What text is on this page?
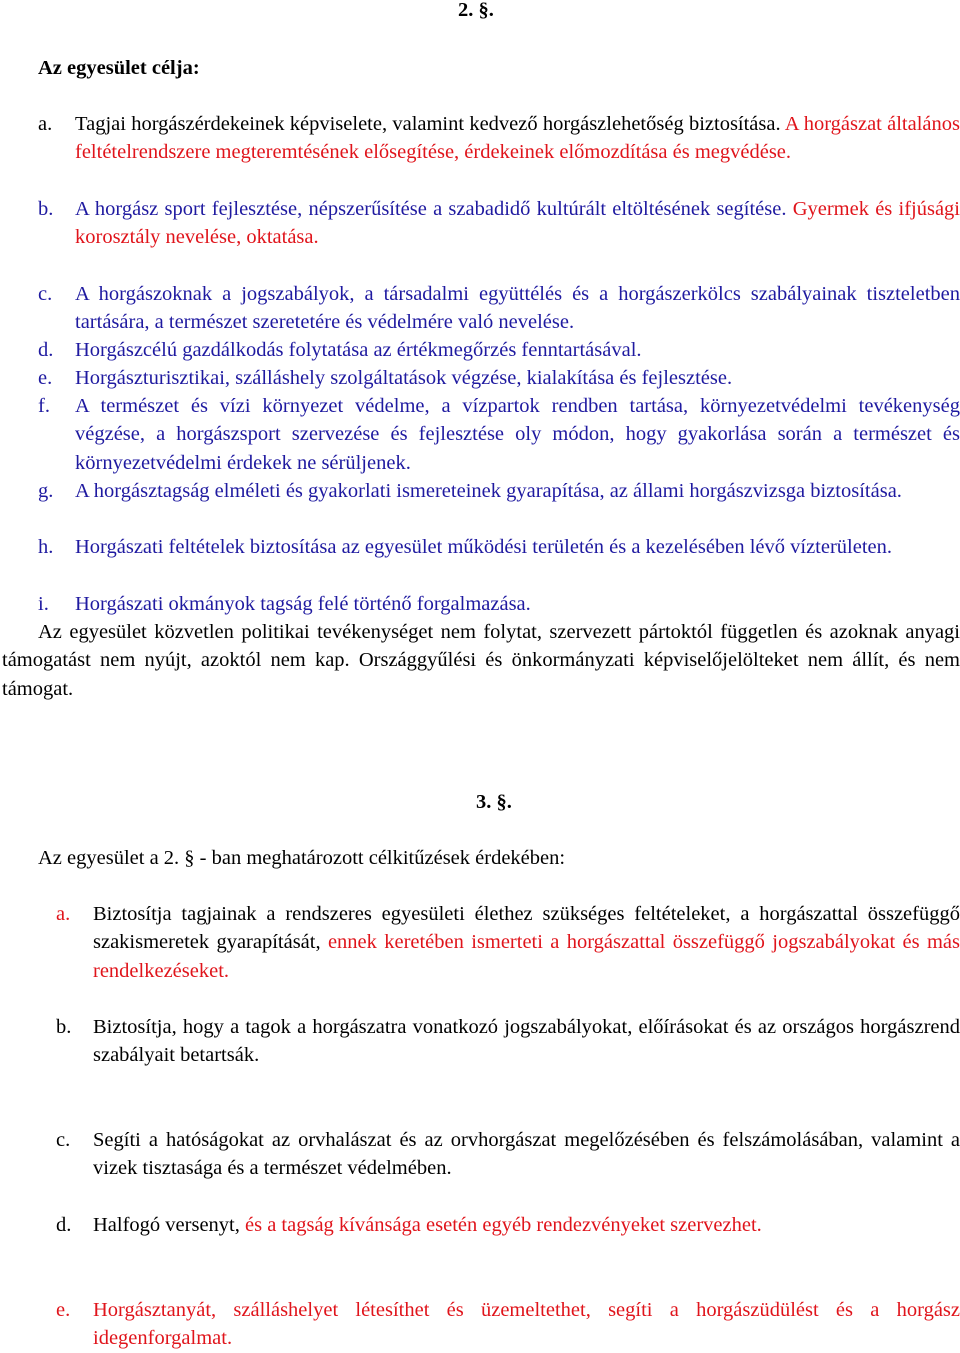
2. §.
Az egyesület célja:
a. Tagjai horgászérdekeinek képviselete, valamint kedvező horgászlehetőség biztosítása. A horgászat általános feltételrendszere megteremtésének elősegítése, érdekeinek előmozdítása és megvédése.
b. A horgász sport fejlesztése, népszerűsítése a szabadidő kultúrált eltöltésének segítése. Gyermek és ifjúsági korosztály nevelése, oktatása.
c. A horgászoknak a jogszabályok, a társadalmi együttélés és a horgászerkölcs szabályainak tiszteletben tartására, a természet szeretetére és védelmére való nevelése.
d. Horgászcélú gazdálkodás folytatása az értékmegőrzés fenntartásával.
e. Horgászturisztikai, szálláshely szolgáltatások végzése, kialakítása és fejlesztése.
f. A természet és vízi környezet védelme, a vízpartok rendben tartása, környezetvédelmi tevékenység végzése, a horgászsport szervezése és fejlesztése oly módon, hogy gyakorlása során a természet és környezetvédelmi érdekek ne sérüljenek.
g. A horgásztagság elméleti és gyakorlati ismereteinek gyarapítása, az állami horgászvizsga biztosítása.
h. Horgászati feltételek biztosítása az egyesület működési területén és a kezelésében lévő vízterületen.
i. Horgászati okmányok tagság felé történő forgalmazása.
Az egyesület közvetlen politikai tevékenységet nem folytat, szervezett pártoktól független és azoknak anyagi támogatást nem nyújt, azoktól nem kap. Országgyűlési és önkormányzati képviselőjelölteket nem állít, és nem támogat.
3. §.
Az egyesület a 2. § - ban meghatározott célkitűzések érdekében:
a. Biztosítja tagjainak a rendszeres egyesületi élethez szükséges feltételeket, a horgászattal összefüggő szakismeretek gyarapítását, ennek keretében ismerteti a horgászattal összefüggő jogszabályokat és más rendelkezéseket.
b. Biztosítja, hogy a tagok a horgászatra vonatkozó jogszabályokat, előírásokat és az országos horgászrend szabályait betartsák.
c. Segíti a hatóságokat az orvhalászat és az orvhorgászat megelőzésében és felszámolásában, valamint a vizek tisztasága és a természet védelmében.
d. Halfogó versenyt, és a tagság kívánsága esetén egyéb rendezvényeket szervezhet.
e. Horgásztanyát, szálláshelyet létesíthet és üzemeltethet, segíti a horgászüdülést és a horgász idegenforgalmat.
